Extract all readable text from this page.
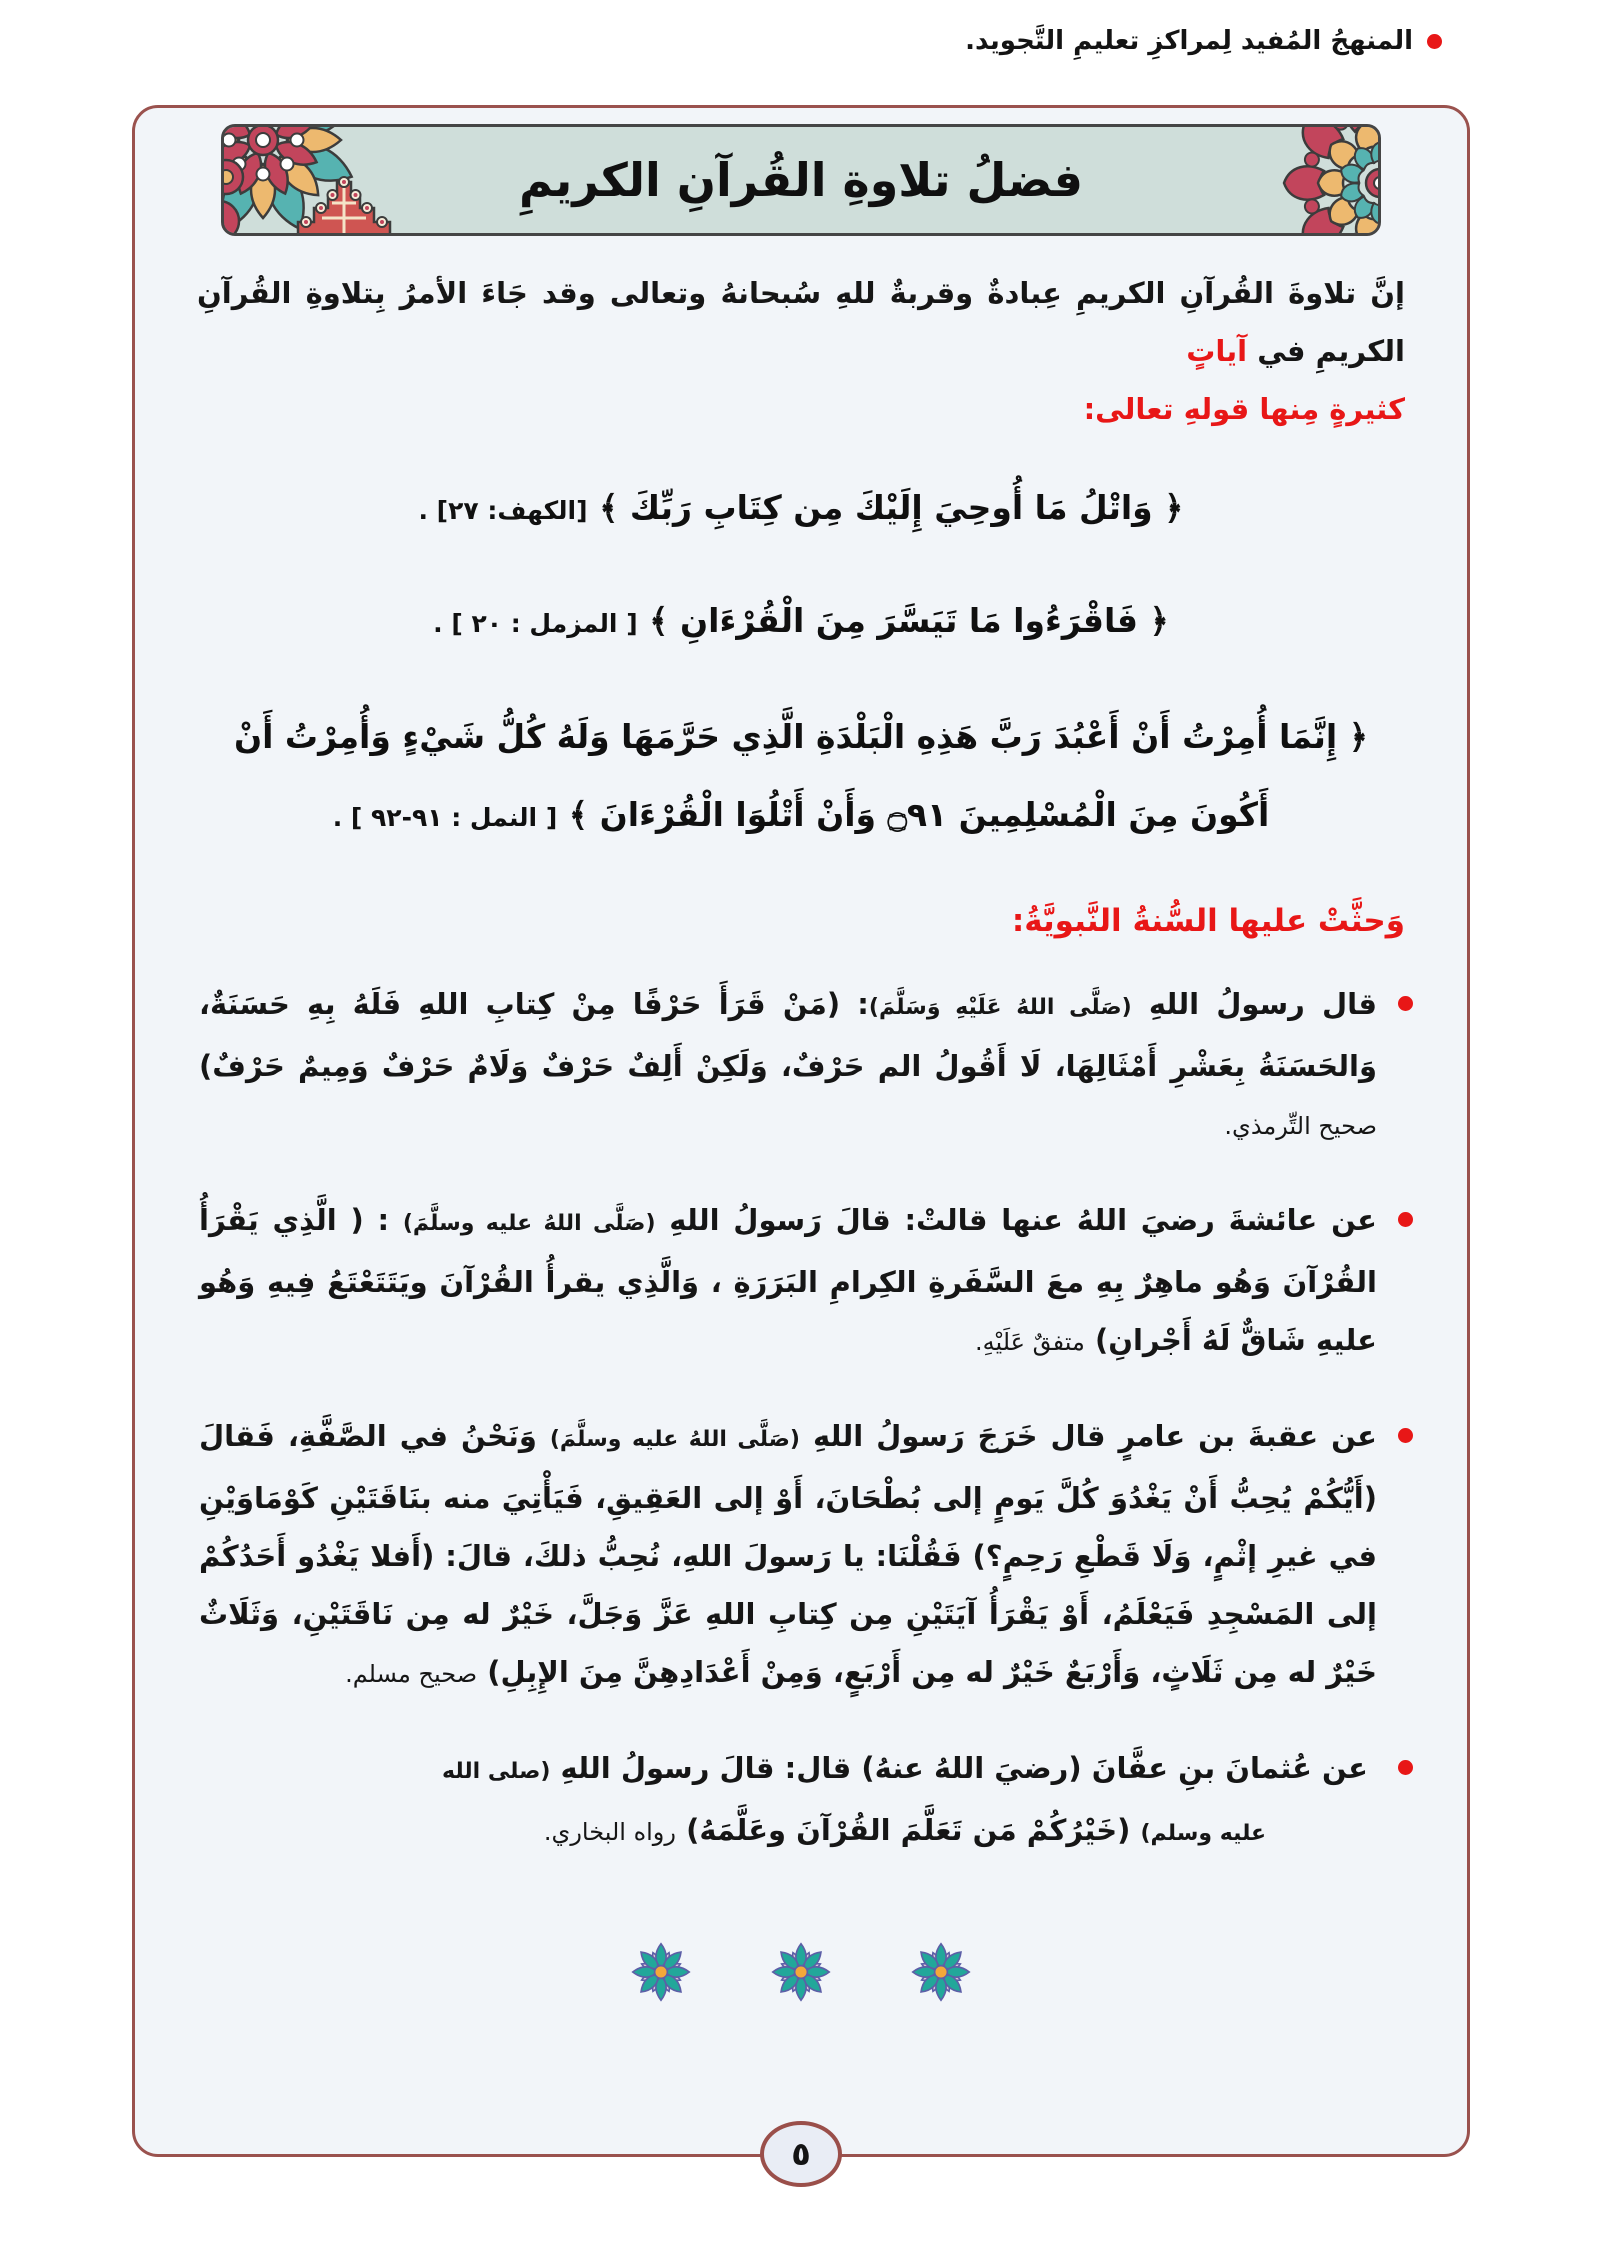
المنهجُ المُفيد لِمراكزِ تعليمِ التَّجويد.
فضلُ تلاوةِ القُرآنِ الكريمِ

إنَّ تلاوةَ القُرآنِ الكريمِ عِبادةٌ وقربةٌ للهِ سُبحانهُ وتعالى وقد جَاءَ الأمرُ بِتلاوةِ القُرآنِ الكريمِ في آياتٍ
كثيرةٍ مِنها قولهِ تعالى:

﴿ وَاتْلُ مَا أُوحِيَ إِلَيْكَ مِن كِتَابِ رَبِّكَ ﴾ [الكهف: ٢٧] .
﴿ فَاقْرَءُوا مَا تَيَسَّرَ مِنَ الْقُرْءَانِ ﴾ [ المزمل : ٢٠ ] .
﴿ إِنَّمَا أُمِرْتُ أَنْ أَعْبُدَ رَبَّ هَذِهِ الْبَلْدَةِ الَّذِي حَرَّمَهَا وَلَهُ كُلُّ شَيْءٍ وَأُمِرْتُ أَنْ أَكُونَ مِنَ الْمُسْلِمِينَ ۝٩١ وَأَنْ أَتْلُوَا الْقُرْءَانَ ﴾ [ النمل : ٩١-٩٢ ] .

وَحثَّتْ عليها السُّنةُ النَّبويَّةُ:

قال رسولُ اللهِ (صَلَّى اللهُ عَلَيْهِ وَسَلَّمَ): (مَنْ قَرَأَ حَرْفًا مِنْ كِتابِ اللهِ فَلَهُ بِهِ حَسَنَةٌ، وَالحَسَنَةُ بِعَشْرِ أَمْثَالِهَا، لَا أَقُولُ الم حَرْفٌ، وَلَكِنْ أَلِفٌ حَرْفٌ وَلَامٌ حَرْفٌ وَمِيمٌ حَرْفٌ) صحيح التِّرمذي.
عن عائشةَ رضيَ اللهُ عنها قالتْ: قالَ رَسولُ اللهِ (صَلَّى اللهُ عليه وسلَّمَ) : ( الَّذِي يَقْرَأُ القُرْآنَ وَهُو ماهِرٌ بِهِ معَ السَّفَرةِ الكِرامِ البَرَرَةِ ، وَالَّذِي يقرأُ القُرْآنَ ويَتَتَعْتَعُ فِيهِ وَهُو عليهِ شَاقٌّ لَهُ أَجْرانِ) متفقٌ عَلَيْهِ.
عن عقبةَ بن عامرٍ قال خَرَجَ رَسولُ اللهِ (صَلَّى اللهُ عليه وسلَّمَ) وَنَحْنُ في الصَّفَّةِ، فَقالَ (أَيُّكُمْ يُحِبُّ أَنْ يَغْدُوَ كُلَّ يَومٍ إلى بُطْحَانَ، أَوْ إلى العَقِيقِ، فَيَأْتِيَ منه بنَاقَتَيْنِ كَوْمَاوَيْنِ في غيرِ إثْمٍ، وَلَا قَطْعِ رَحِمٍ؟) فَقُلْنَا: يا رَسولَ اللهِ، نُحِبُّ ذلكَ، قالَ: (أَفلا يَغْدُو أَحَدُكُمْ إلى المَسْجِدِ فَيَعْلَمُ، أَوْ يَقْرَأُ آيَتَيْنِ مِن كِتابِ اللهِ عَزَّ وَجَلَّ، خَيْرٌ له مِن نَاقَتَيْنِ، وَثَلَاثٌ خَيْرٌ له مِن ثَلَاثٍ، وَأَرْبَعٌ خَيْرٌ له مِن أَرْبَعٍ، وَمِنْ أَعْدَادِهِنَّ مِنَ الإِبِلِ) صحيح مسلم.
عن عُثمانَ بنِ عفَّانَ (رضيَ اللهُ عنهُ) قال: قالَ رسولُ اللهِ (صلى الله عليه وسلم) (خَيْرُكُمْ مَن تَعَلَّمَ القُرْآنَ وعَلَّمَهُ) رواه البخاري.
٥
